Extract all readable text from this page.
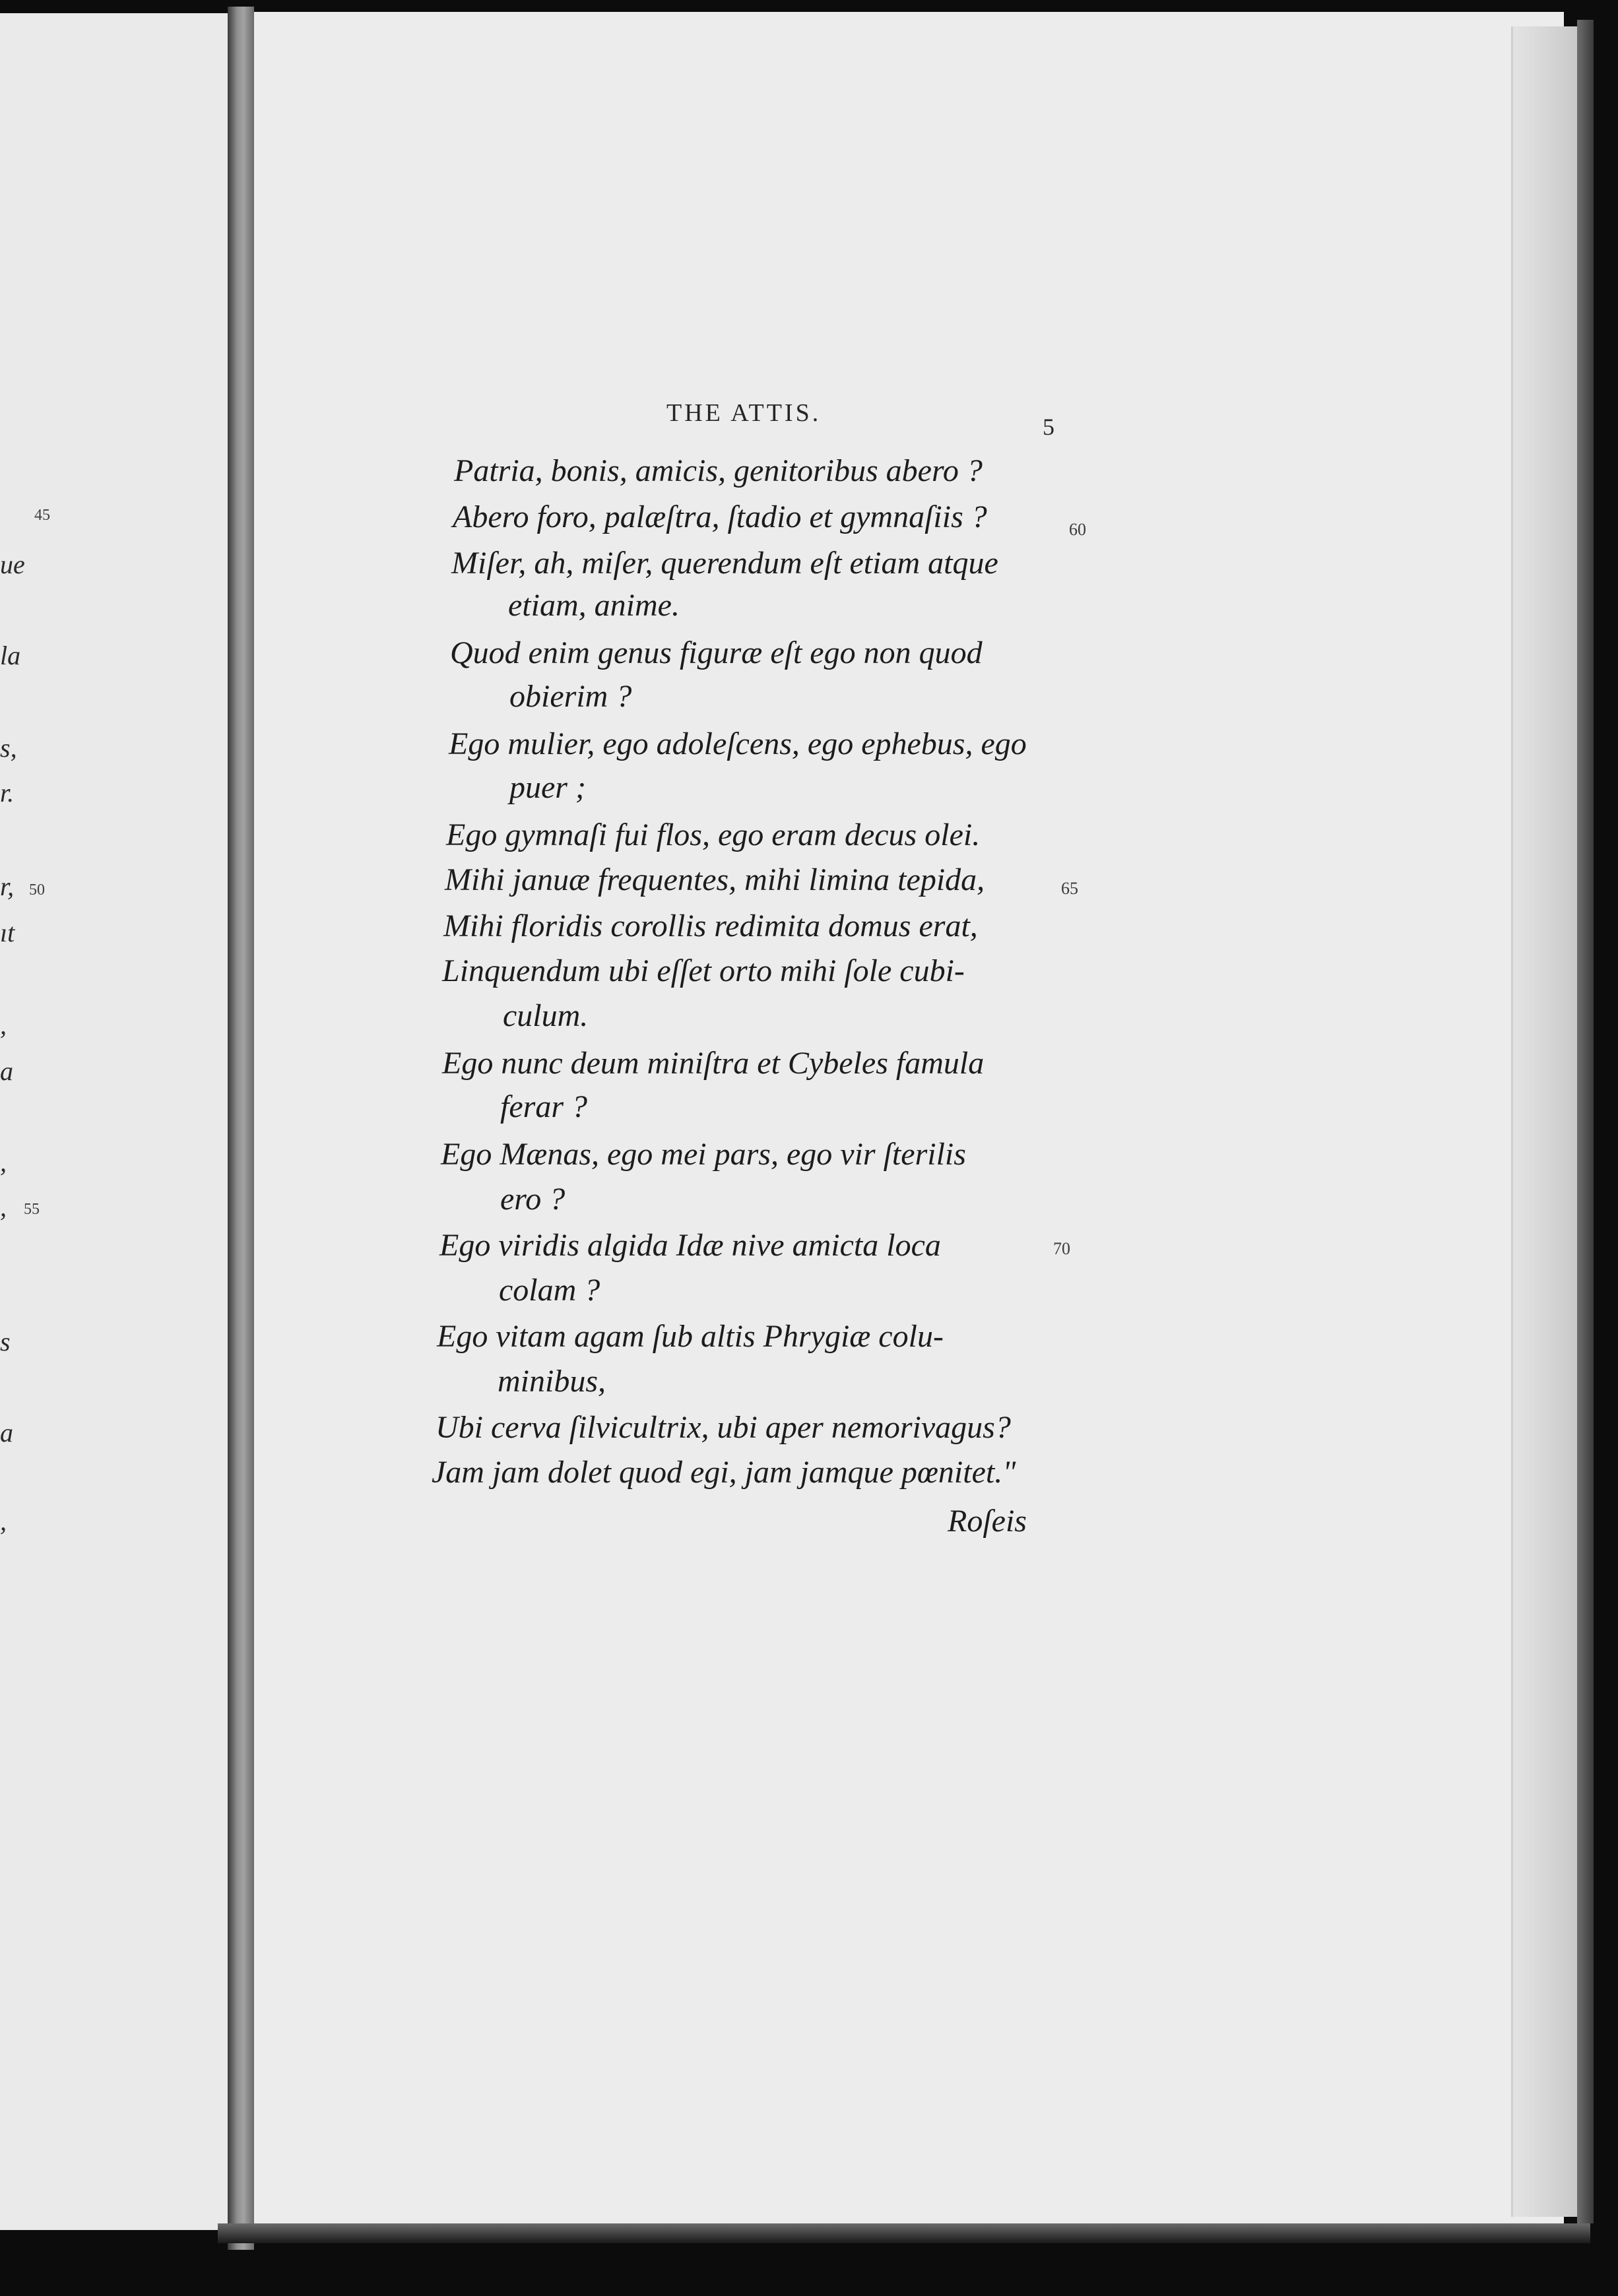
45
ue
la
s,
r.
r, 50
ıt
,
a
,
, 55
s
a
,
THE ATTIS.	5
Patria, bonis, amicis, genitoribus abero ?
Abero foro, palæſtra, ſtadio et gymnaſiis ?
Miſer, ah, miſer, querendum eſt etiam atque
etiam, anime.
Quod enim genus figuræ eſt ego non quod
obierim ?
Ego mulier, ego adoleſcens, ego ephebus, ego
puer ;
Ego gymnaſi fui flos, ego eram decus olei.
Mihi januæ frequentes, mihi limina tepida,
Mihi floridis corollis redimita domus erat,
Linquendum ubi eſſet orto mihi ſole cubi-
culum.
Ego nunc deum miniſtra et Cybeles famula
ferar ?
Ego Mænas, ego mei pars, ego vir ſterilis
ero ?
Ego viridis algida Idæ nive amicta loca
colam ?
Ego vitam agam ſub altis Phrygiæ colu-
minibus,
Ubi cerva ſilvicultrix, ubi aper nemorivagus?
Jam jam dolet quod egi, jam jamque pœnitet."
Roſeis
60
65
70
